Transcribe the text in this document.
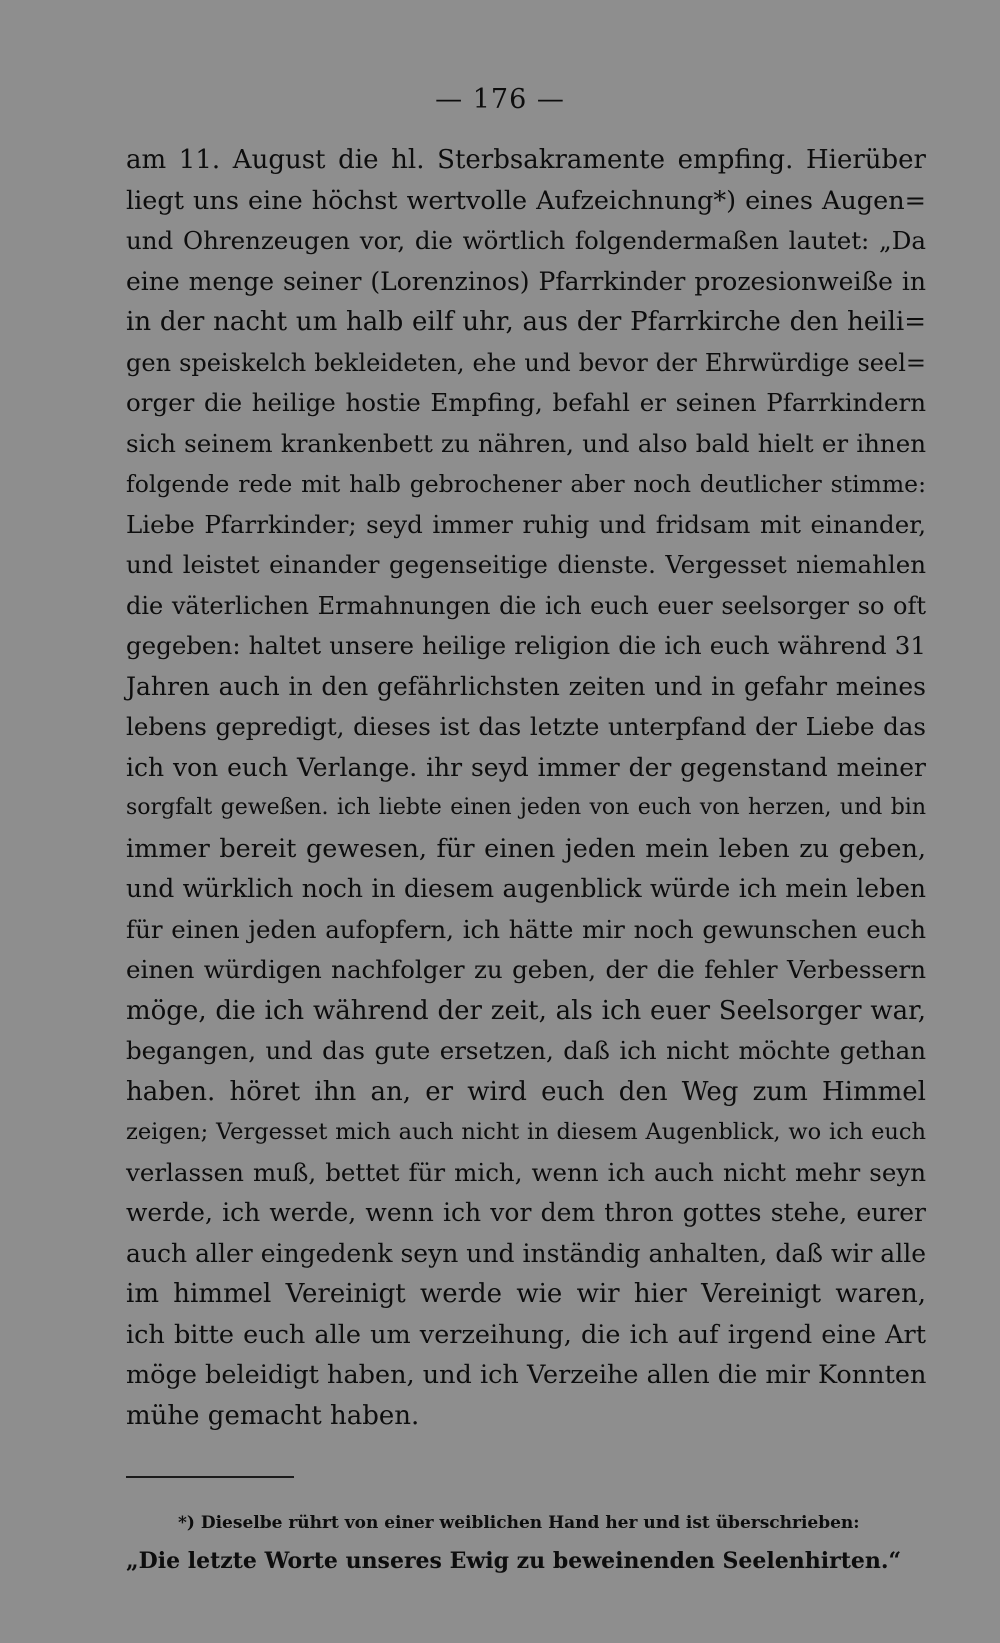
— 176 —
am 11. August die hl. Sterbsakramente empfing. Hierüber
liegt uns eine höchst wertvolle Aufzeichnung*) eines Augen=
und Ohrenzeugen vor, die wörtlich folgendermaßen lautet: „Da
eine menge seiner (Lorenzinos) Pfarrkinder prozesionweiße in
in der nacht um halb eilf uhr, aus der Pfarrkirche den heili=
gen speiskelch bekleideten, ehe und bevor der Ehrwürdige seel=
orger die heilige hostie Empfing, befahl er seinen Pfarrkindern
sich seinem krankenbett zu nähren, und also bald hielt er ihnen
folgende rede mit halb gebrochener aber noch deutlicher stimme:
Liebe Pfarrkinder; seyd immer ruhig und fridsam mit einander,
und leistet einander gegenseitige dienste. Vergesset niemahlen
die väterlichen Ermahnungen die ich euch euer seelsorger so oft
gegeben: haltet unsere heilige religion die ich euch während 31
Jahren auch in den gefährlichsten zeiten und in gefahr meines
lebens gepredigt, dieses ist das letzte unterpfand der Liebe das
ich von euch Verlange. ihr seyd immer der gegenstand meiner
sorgfalt geweßen. ich liebte einen jeden von euch von herzen, und bin
immer bereit gewesen, für einen jeden mein leben zu geben,
und würklich noch in diesem augenblick würde ich mein leben
für einen jeden aufopfern, ich hätte mir noch gewunschen euch
einen würdigen nachfolger zu geben, der die fehler Verbessern
möge, die ich während der zeit, als ich euer Seelsorger war,
begangen, und das gute ersetzen, daß ich nicht möchte gethan
haben. höret ihn an, er wird euch den Weg zum Himmel
zeigen; Vergesset mich auch nicht in diesem Augenblick, wo ich euch
verlassen muß, bettet für mich, wenn ich auch nicht mehr seyn
werde, ich werde, wenn ich vor dem thron gottes stehe, eurer
auch aller eingedenk seyn und inständig anhalten, daß wir alle
im himmel Vereinigt werde wie wir hier Vereinigt waren,
ich bitte euch alle um verzeihung, die ich auf irgend eine Art
möge beleidigt haben, und ich Verzeihe allen die mir Konnten
mühe gemacht haben.
*) Dieselbe rührt von einer weiblichen Hand her und ist überschrieben:
„Die letzte Worte unseres Ewig zu beweinenden Seelenhirten.“
